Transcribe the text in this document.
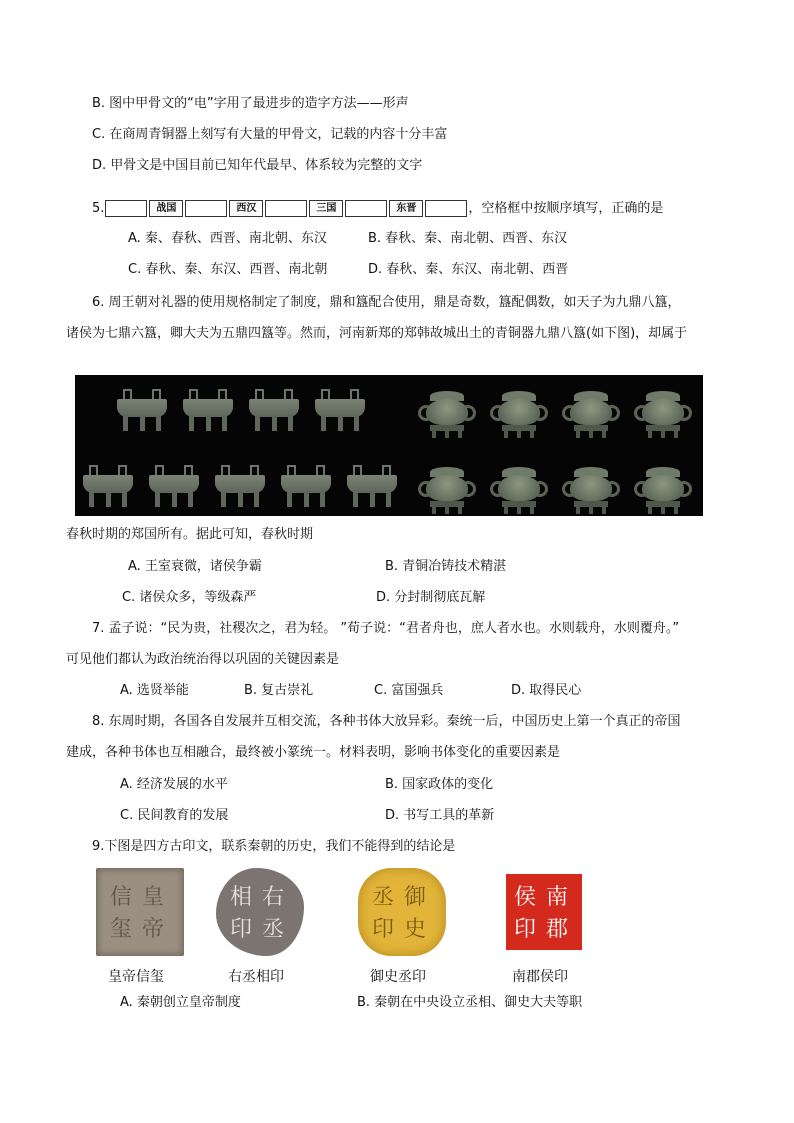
B. 图中甲骨文的“电”字用了最进步的造字方法——形声
C. 在商周青铜器上刻写有大量的甲骨文，记载的内容十分丰富
D. 甲骨文是中国目前已知年代最早、体系较为完整的文字
5.	战国	西汉	三国	东晋	，空格框中按顺序填写，正确的是
A. 秦、春秋、西晋、南北朝、东汉	B. 春秋、秦、南北朝、西晋、东汉
C. 春秋、秦、东汉、西晋、南北朝	D. 春秋、秦、东汉、南北朝、西晋
6. 周王朝对礼器的使用规格制定了制度，鼎和簋配合使用，鼎是奇数，簋配偶数，如天子为九鼎八簋，
诸侯为七鼎六簋，卿大夫为五鼎四簋等。然而，河南新郑的郑韩故城出土的青铜器九鼎八簋(如下图)，却属于
春秋时期的郑国所有。据此可知，春秋时期
A. 王室衰微，诸侯争霸	B. 青铜冶铸技术精湛
C. 诸侯众多，等级森严	D. 分封制彻底瓦解
7. 孟子说：“民为贵，社稷次之，君为轻。 ”荀子说：“君者舟也，庶人者水也。水则载舟，水则覆舟。”
可见他们都认为政治统治得以巩固的关键因素是
A. 选贤举能	B. 复古崇礼	C. 富国强兵	D. 取得民心
8. 东周时期，各国各自发展并互相交流，各种书体大放异彩。秦统一后，中国历史上第一个真正的帝国
建成，各种书体也互相融合，最终被小篆统一。材料表明，影响书体变化的重要因素是
A. 经济发展的水平	B. 国家政体的变化
C. 民间教育的发展	D. 书写工具的革新
9.下图是四方古印文，联系秦朝的历史，我们不能得到的结论是
皇
帝
信
玺
皇帝信玺
右
丞
相
印
右丞相印
御
史
丞
印
御史丞印
南
郡
侯
印
南郡侯印
A. 秦朝创立皇帝制度	B. 秦朝在中央设立丞相、御史大夫等职
